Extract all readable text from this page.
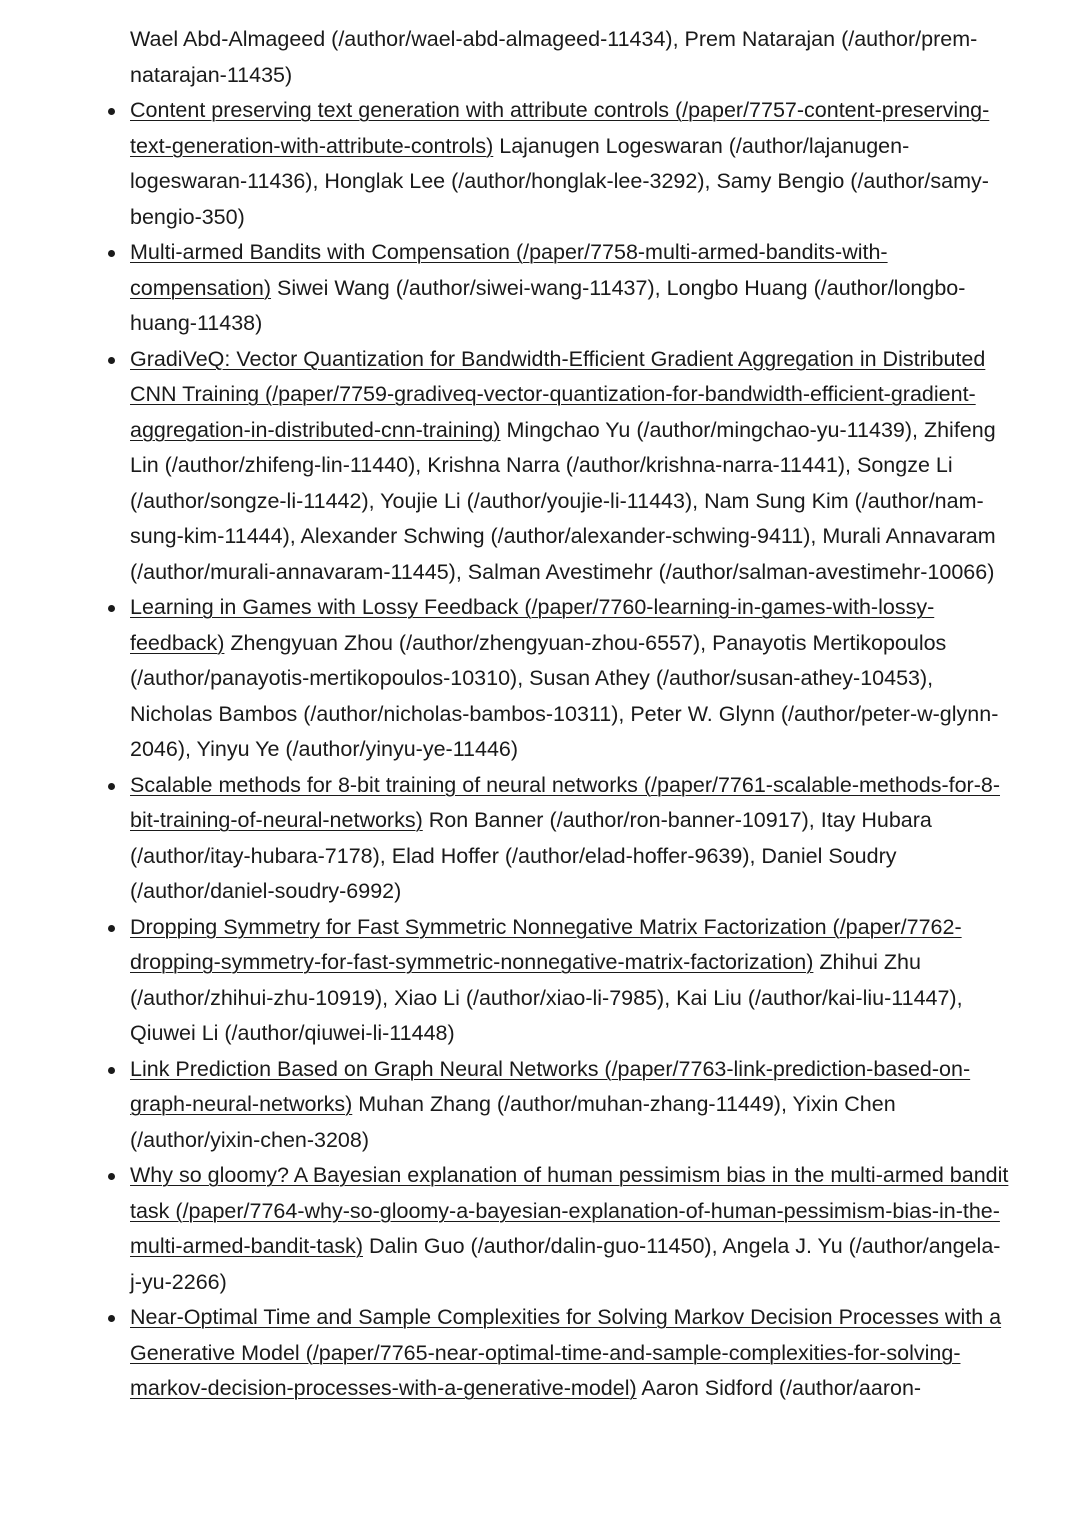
Wael Abd-Almageed (/author/wael-abd-almageed-11434), Prem Natarajan (/author/prem-natarajan-11435)
Content preserving text generation with attribute controls (/paper/7757-content-preserving-text-generation-with-attribute-controls) Lajanugen Logeswaran (/author/lajanugen-logeswaran-11436), Honglak Lee (/author/honglak-lee-3292), Samy Bengio (/author/samy-bengio-350)
Multi-armed Bandits with Compensation (/paper/7758-multi-armed-bandits-with-compensation) Siwei Wang (/author/siwei-wang-11437), Longbo Huang (/author/longbo-huang-11438)
GradiVeQ: Vector Quantization for Bandwidth-Efficient Gradient Aggregation in Distributed CNN Training (/paper/7759-gradiveq-vector-quantization-for-bandwidth-efficient-gradient-aggregation-in-distributed-cnn-training) Mingchao Yu (/author/mingchao-yu-11439), Zhifeng Lin (/author/zhifeng-lin-11440), Krishna Narra (/author/krishna-narra-11441), Songze Li (/author/songze-li-11442), Youjie Li (/author/youjie-li-11443), Nam Sung Kim (/author/nam-sung-kim-11444), Alexander Schwing (/author/alexander-schwing-9411), Murali Annavaram (/author/murali-annavaram-11445), Salman Avestimehr (/author/salman-avestimehr-10066)
Learning in Games with Lossy Feedback (/paper/7760-learning-in-games-with-lossy-feedback) Zhengyuan Zhou (/author/zhengyuan-zhou-6557), Panayotis Mertikopoulos (/author/panayotis-mertikopoulos-10310), Susan Athey (/author/susan-athey-10453), Nicholas Bambos (/author/nicholas-bambos-10311), Peter W. Glynn (/author/peter-w-glynn-2046), Yinyu Ye (/author/yinyu-ye-11446)
Scalable methods for 8-bit training of neural networks (/paper/7761-scalable-methods-for-8-bit-training-of-neural-networks) Ron Banner (/author/ron-banner-10917), Itay Hubara (/author/itay-hubara-7178), Elad Hoffer (/author/elad-hoffer-9639), Daniel Soudry (/author/daniel-soudry-6992)
Dropping Symmetry for Fast Symmetric Nonnegative Matrix Factorization (/paper/7762-dropping-symmetry-for-fast-symmetric-nonnegative-matrix-factorization) Zhihui Zhu (/author/zhihui-zhu-10919), Xiao Li (/author/xiao-li-7985), Kai Liu (/author/kai-liu-11447), Qiuwei Li (/author/qiuwei-li-11448)
Link Prediction Based on Graph Neural Networks (/paper/7763-link-prediction-based-on-graph-neural-networks) Muhan Zhang (/author/muhan-zhang-11449), Yixin Chen (/author/yixin-chen-3208)
Why so gloomy? A Bayesian explanation of human pessimism bias in the multi-armed bandit task (/paper/7764-why-so-gloomy-a-bayesian-explanation-of-human-pessimism-bias-in-the-multi-armed-bandit-task) Dalin Guo (/author/dalin-guo-11450), Angela J. Yu (/author/angela-j-yu-2266)
Near-Optimal Time and Sample Complexities for Solving Markov Decision Processes with a Generative Model (/paper/7765-near-optimal-time-and-sample-complexities-for-solving-markov-decision-processes-with-a-generative-model) Aaron Sidford (/author/aaron-
